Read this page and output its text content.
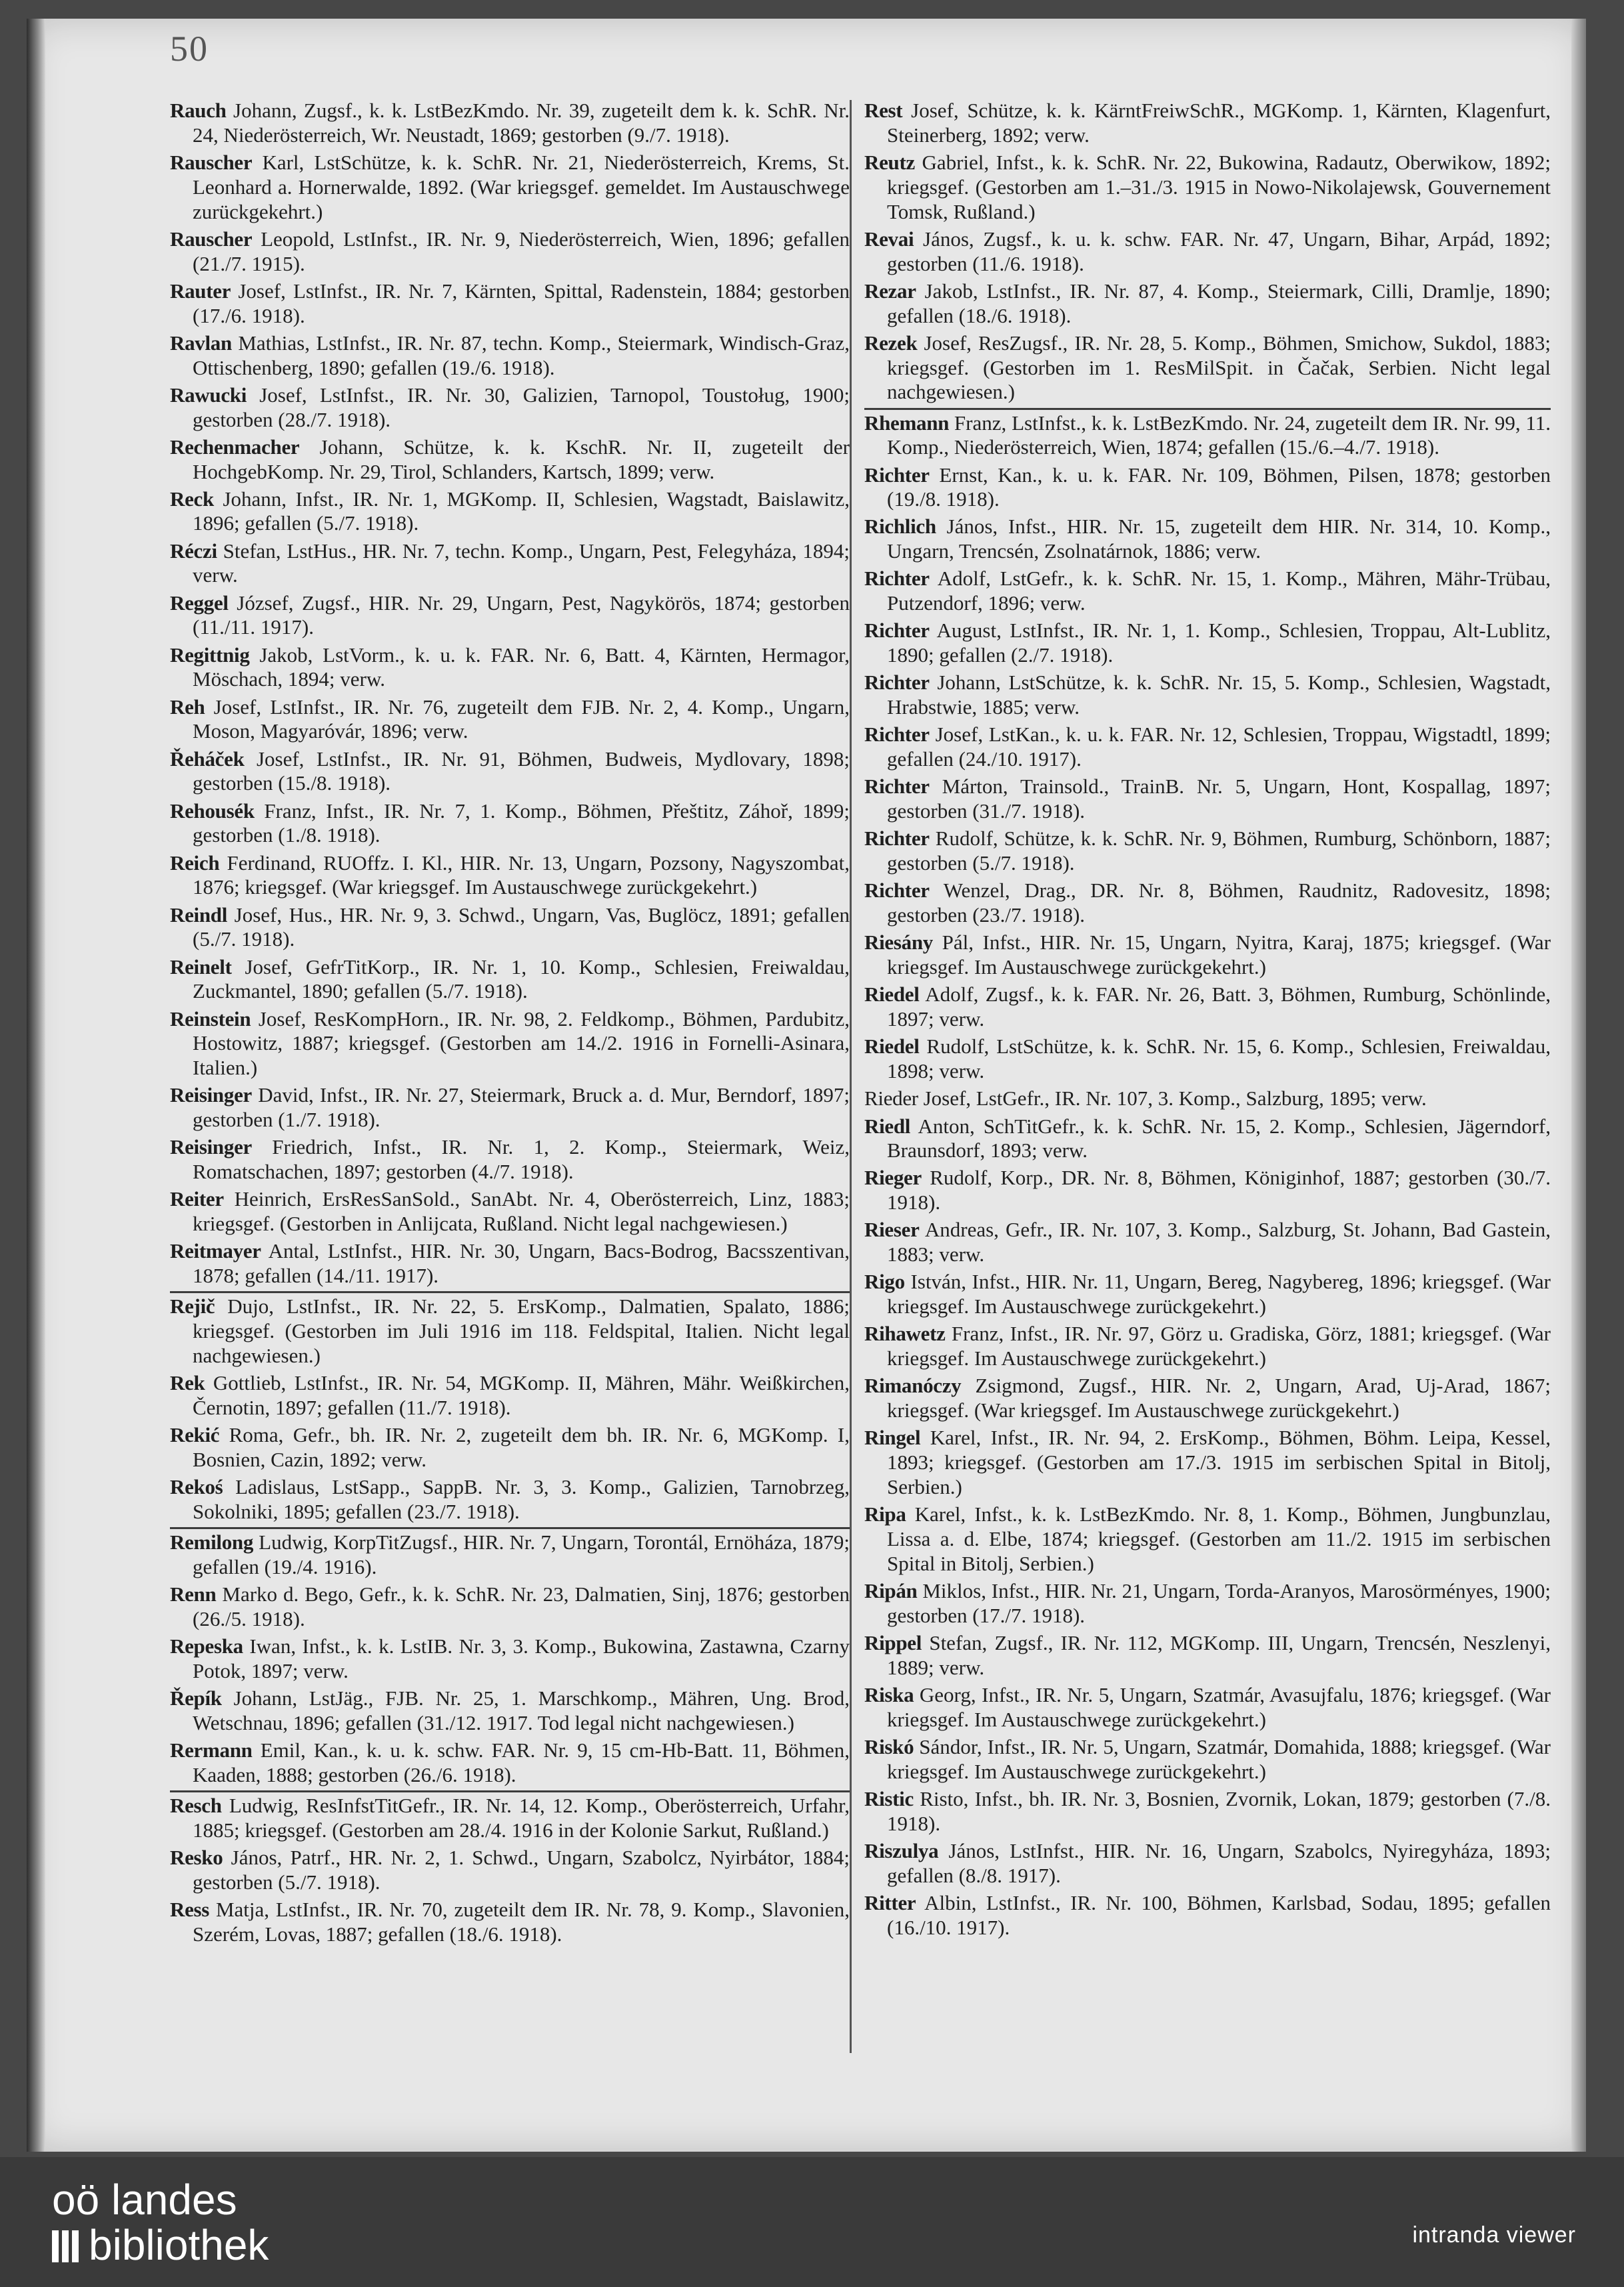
50

Rauch Johann, Zugsf., k. k. LstBezKmdo. Nr. 39, zugeteilt dem k. k. SchR. Nr. 24, Niederösterreich, Wr. Neustadt, 1869; gestorben (9./7. 1918).

Rauscher Karl, LstSchütze, k. k. SchR. Nr. 21, Niederösterreich, Krems, St. Leonhard a. Hornerwalde, 1892. (War kriegsgef. gemeldet. Im Austauschwege zurückgekehrt.)

Rauscher Leopold, LstInfst., IR. Nr. 9, Niederösterreich, Wien, 1896; gefallen (21./7. 1915).

Rauter Josef, LstInfst., IR. Nr. 7, Kärnten, Spittal, Radenstein, 1884; gestorben (17./6. 1918).

Ravlan Mathias, LstInfst., IR. Nr. 87, techn. Komp., Steiermark, Windisch-Graz, Ottischenberg, 1890; gefallen (19./6. 1918).

Rawucki Josef, LstInfst., IR. Nr. 30, Galizien, Tarnopol, Toustoług, 1900; gestorben (28./7. 1918).

Rechenmacher Johann, Schütze, k. k. KschR. Nr. II, zugeteilt der HochgebKomp. Nr. 29, Tirol, Schlanders, Kartsch, 1899; verw.

Reck Johann, Infst., IR. Nr. 1, MGKomp. II, Schlesien, Wagstadt, Baislawitz, 1896; gefallen (5./7. 1918).

Réczi Stefan, LstHus., HR. Nr. 7, techn. Komp., Ungarn, Pest, Felegyháza, 1894; verw.

Reggel József, Zugsf., HIR. Nr. 29, Ungarn, Pest, Nagykörös, 1874; gestorben (11./11. 1917).

Regittnig Jakob, LstVorm., k. u. k. FAR. Nr. 6, Batt. 4, Kärnten, Hermagor, Möschach, 1894; verw.

Reh Josef, LstInfst., IR. Nr. 76, zugeteilt dem FJB. Nr. 2, 4. Komp., Ungarn, Moson, Magyaróvár, 1896; verw.

Řeháček Josef, LstInfst., IR. Nr. 91, Böhmen, Budweis, Mydlovary, 1898; gestorben (15./8. 1918).

Rehousék Franz, Infst., IR. Nr. 7, 1. Komp., Böhmen, Přeštitz, Záhoř, 1899; gestorben (1./8. 1918).

Reich Ferdinand, RUOffz. I. Kl., HIR. Nr. 13, Ungarn, Pozsony, Nagyszombat, 1876; kriegsgef. (War kriegsgef. Im Austauschwege zurückgekehrt.)

Reindl Josef, Hus., HR. Nr. 9, 3. Schwd., Ungarn, Vas, Buglöcz, 1891; gefallen (5./7. 1918).

Reinelt Josef, GefrTitKorp., IR. Nr. 1, 10. Komp., Schlesien, Freiwaldau, Zuckmantel, 1890; gefallen (5./7. 1918).

Reinstein Josef, ResKompHorn., IR. Nr. 98, 2. Feldkomp., Böhmen, Pardubitz, Hostowitz, 1887; kriegsgef. (Gestorben am 14./2. 1916 in Fornelli-Asinara, Italien.)

Reisinger David, Infst., IR. Nr. 27, Steiermark, Bruck a. d. Mur, Berndorf, 1897; gestorben (1./7. 1918).

Reisinger Friedrich, Infst., IR. Nr. 1, 2. Komp., Steiermark, Weiz, Romatschachen, 1897; gestorben (4./7. 1918).

Reiter Heinrich, ErsResSanSold., SanAbt. Nr. 4, Oberösterreich, Linz, 1883; kriegsgef. (Gestorben in Anlijcata, Rußland. Nicht legal nachgewiesen.)

Reitmayer Antal, LstInfst., HIR. Nr. 30, Ungarn, Bacs-Bodrog, Bacsszentivan, 1878; gefallen (14./11. 1917).

Rejič Dujo, LstInfst., IR. Nr. 22, 5. ErsKomp., Dalmatien, Spalato, 1886; kriegsgef. (Gestorben im Juli 1916 im 118. Feldspital, Italien. Nicht legal nachgewiesen.)

Rek Gottlieb, LstInfst., IR. Nr. 54, MGKomp. II, Mähren, Mähr. Weißkirchen, Černotin, 1897; gefallen (11./7. 1918).

Rekić Roma, Gefr., bh. IR. Nr. 2, zugeteilt dem bh. IR. Nr. 6, MGKomp. I, Bosnien, Cazin, 1892; verw.

Rekoś Ladislaus, LstSapp., SappB. Nr. 3, 3. Komp., Galizien, Tarnobrzeg, Sokolniki, 1895; gefallen (23./7. 1918).

Remilong Ludwig, KorpTitZugsf., HIR. Nr. 7, Ungarn, Torontál, Ernöháza, 1879; gefallen (19./4. 1916).

Renn Marko d. Bego, Gefr., k. k. SchR. Nr. 23, Dalmatien, Sinj, 1876; gestorben (26./5. 1918).

Repeska Iwan, Infst., k. k. LstIB. Nr. 3, 3. Komp., Bukowina, Zastawna, Czarny Potok, 1897; verw.

Řepík Johann, LstJäg., FJB. Nr. 25, 1. Marschkomp., Mähren, Ung. Brod, Wetschnau, 1896; gefallen (31./12. 1917. Tod legal nicht nachgewiesen.)

Rermann Emil, Kan., k. u. k. schw. FAR. Nr. 9, 15 cm-Hb-Batt. 11, Böhmen, Kaaden, 1888; gestorben (26./6. 1918).

Resch Ludwig, ResInfstTitGefr., IR. Nr. 14, 12. Komp., Oberösterreich, Urfahr, 1885; kriegsgef. (Gestorben am 28./4. 1916 in der Kolonie Sarkut, Rußland.)

Resko János, Patrf., HR. Nr. 2, 1. Schwd., Ungarn, Szabolcz, Nyirbátor, 1884; gestorben (5./7. 1918).

Ress Matja, LstInfst., IR. Nr. 70, zugeteilt dem IR. Nr. 78, 9. Komp., Slavonien, Szerém, Lovas, 1887; gefallen (18./6. 1918).

Rest Josef, Schütze, k. k. KärntFreiwSchR., MGKomp. 1, Kärnten, Klagenfurt, Steinerberg, 1892; verw.

Reutz Gabriel, Infst., k. k. SchR. Nr. 22, Bukowina, Radautz, Oberwikow, 1892; kriegsgef. (Gestorben am 1.–31./3. 1915 in Nowo-Nikolajewsk, Gouvernement Tomsk, Rußland.)

Revai János, Zugsf., k. u. k. schw. FAR. Nr. 47, Ungarn, Bihar, Arpád, 1892; gestorben (11./6. 1918).

Rezar Jakob, LstInfst., IR. Nr. 87, 4. Komp., Steiermark, Cilli, Dramlje, 1890; gefallen (18./6. 1918).

Rezek Josef, ResZugsf., IR. Nr. 28, 5. Komp., Böhmen, Smichow, Sukdol, 1883; kriegsgef. (Gestorben im 1. ResMilSpit. in Čačak, Serbien. Nicht legal nachgewiesen.)

Rhemann Franz, LstInfst., k. k. LstBezKmdo. Nr. 24, zugeteilt dem IR. Nr. 99, 11. Komp., Niederösterreich, Wien, 1874; gefallen (15./6.–4./7. 1918).

Richter Ernst, Kan., k. u. k. FAR. Nr. 109, Böhmen, Pilsen, 1878; gestorben (19./8. 1918).

Richlich János, Infst., HIR. Nr. 15, zugeteilt dem HIR. Nr. 314, 10. Komp., Ungarn, Trencsén, Zsolnatárnok, 1886; verw.

Richter Adolf, LstGefr., k. k. SchR. Nr. 15, 1. Komp., Mähren, Mähr-Trübau, Putzendorf, 1896; verw.

Richter August, LstInfst., IR. Nr. 1, 1. Komp., Schlesien, Troppau, Alt-Lublitz, 1890; gefallen (2./7. 1918).

Richter Johann, LstSchütze, k. k. SchR. Nr. 15, 5. Komp., Schlesien, Wagstadt, Hrabstwie, 1885; verw.

Richter Josef, LstKan., k. u. k. FAR. Nr. 12, Schlesien, Troppau, Wigstadtl, 1899; gefallen (24./10. 1917).

Richter Márton, Trainsold., TrainB. Nr. 5, Ungarn, Hont, Kospallag, 1897; gestorben (31./7. 1918).

Richter Rudolf, Schütze, k. k. SchR. Nr. 9, Böhmen, Rumburg, Schönborn, 1887; gestorben (5./7. 1918).

Richter Wenzel, Drag., DR. Nr. 8, Böhmen, Raudnitz, Radovesitz, 1898; gestorben (23./7. 1918).

Riesány Pál, Infst., HIR. Nr. 15, Ungarn, Nyitra, Karaj, 1875; kriegsgef. (War kriegsgef. Im Austauschwege zurückgekehrt.)

Riedel Adolf, Zugsf., k. k. FAR. Nr. 26, Batt. 3, Böhmen, Rumburg, Schönlinde, 1897; verw.

Riedel Rudolf, LstSchütze, k. k. SchR. Nr. 15, 6. Komp., Schlesien, Freiwaldau, 1898; verw.

Rieder Josef, LstGefr., IR. Nr. 107, 3. Komp., Salzburg, 1895; verw.

Riedl Anton, SchTitGefr., k. k. SchR. Nr. 15, 2. Komp., Schlesien, Jägerndorf, Braunsdorf, 1893; verw.

Rieger Rudolf, Korp., DR. Nr. 8, Böhmen, Königinhof, 1887; gestorben (30./7. 1918).

Rieser Andreas, Gefr., IR. Nr. 107, 3. Komp., Salzburg, St. Johann, Bad Gastein, 1883; verw.

Rigo István, Infst., HIR. Nr. 11, Ungarn, Bereg, Nagybereg, 1896; kriegsgef. (War kriegsgef. Im Austauschwege zurückgekehrt.)

Rihawetz Franz, Infst., IR. Nr. 97, Görz u. Gradiska, Görz, 1881; kriegsgef. (War kriegsgef. Im Austauschwege zurückgekehrt.)

Rimanóczy Zsigmond, Zugsf., HIR. Nr. 2, Ungarn, Arad, Uj-Arad, 1867; kriegsgef. (War kriegsgef. Im Austauschwege zurückgekehrt.)

Ringel Karel, Infst., IR. Nr. 94, 2. ErsKomp., Böhmen, Böhm. Leipa, Kessel, 1893; kriegsgef. (Gestorben am 17./3. 1915 im serbischen Spital in Bitolj, Serbien.)

Ripa Karel, Infst., k. k. LstBezKmdo. Nr. 8, 1. Komp., Böhmen, Jungbunzlau, Lissa a. d. Elbe, 1874; kriegsgef. (Gestorben am 11./2. 1915 im serbischen Spital in Bitolj, Serbien.)

Ripán Miklos, Infst., HIR. Nr. 21, Ungarn, Torda-Aranyos, Marosörményes, 1900; gestorben (17./7. 1918).

Rippel Stefan, Zugsf., IR. Nr. 112, MGKomp. III, Ungarn, Trencsén, Neszlenyi, 1889; verw.

Riska Georg, Infst., IR. Nr. 5, Ungarn, Szatmár, Avasujfalu, 1876; kriegsgef. (War kriegsgef. Im Austauschwege zurückgekehrt.)

Riskó Sándor, Infst., IR. Nr. 5, Ungarn, Szatmár, Domahida, 1888; kriegsgef. (War kriegsgef. Im Austauschwege zurückgekehrt.)

Ristic Risto, Infst., bh. IR. Nr. 3, Bosnien, Zvornik, Lokan, 1879; gestorben (7./8. 1918).

Riszulya János, LstInfst., HIR. Nr. 16, Ungarn, Szabolcs, Nyiregyháza, 1893; gefallen (8./8. 1917).

Ritter Albin, LstInfst., IR. Nr. 100, Böhmen, Karlsbad, Sodau, 1895; gefallen (16./10. 1917).

oö landes
bibliothek	intranda viewer
